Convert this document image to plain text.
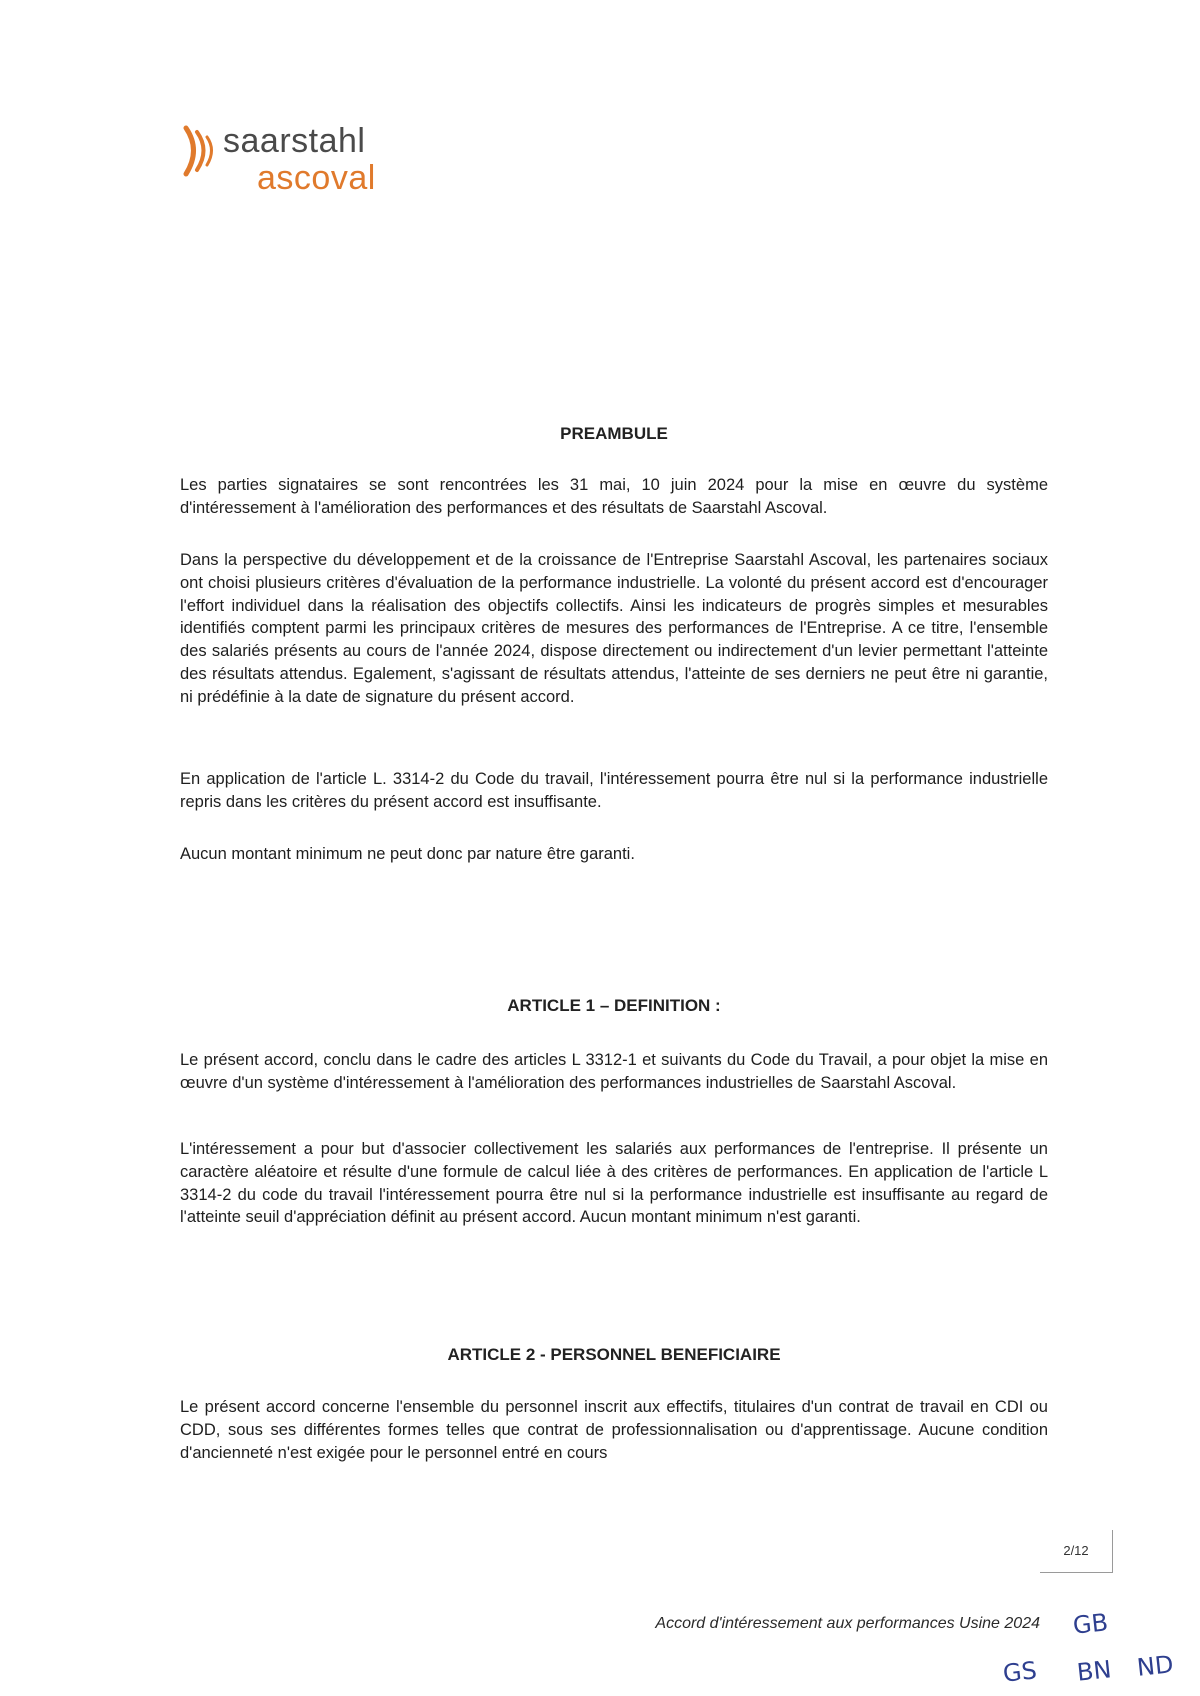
saarstahl
ascoval
PREAMBULE
Les parties signataires se sont rencontrées les 31 mai, 10 juin 2024 pour la mise en œuvre du système d'intéressement à l'amélioration des performances et des résultats de Saarstahl Ascoval.
Dans la perspective du développement et de la croissance de l'Entreprise Saarstahl Ascoval, les partenaires sociaux ont choisi plusieurs critères d'évaluation de la performance industrielle. La volonté du présent accord est d'encourager l'effort individuel dans la réalisation des objectifs collectifs. Ainsi les indicateurs de progrès simples et mesurables identifiés comptent parmi les principaux critères de mesures des performances de l'Entreprise. A ce titre, l'ensemble des salariés présents au cours de l'année 2024, dispose directement ou indirectement d'un levier permettant l'atteinte des résultats attendus. Egalement, s'agissant de résultats attendus, l'atteinte de ses derniers ne peut être ni garantie, ni prédéfinie à la date de signature du présent accord.
En application de l'article L. 3314-2 du Code du travail, l'intéressement pourra être nul si la performance industrielle repris dans les critères du présent accord est insuffisante.
Aucun montant minimum ne peut donc par nature être garanti.
ARTICLE 1 – DEFINITION :
Le présent accord, conclu dans le cadre des articles L 3312-1 et suivants du Code du Travail, a pour objet la mise en œuvre d'un système d'intéressement à l'amélioration des performances industrielles de Saarstahl Ascoval.
L'intéressement a pour but d'associer collectivement les salariés aux performances de l'entreprise. Il présente un caractère aléatoire et résulte d'une formule de calcul liée à des critères de performances. En application de l'article L 3314-2 du code du travail l'intéressement pourra être nul si la performance industrielle est insuffisante au regard de l'atteinte seuil d'appréciation définit au présent accord. Aucun montant minimum n'est garanti.
ARTICLE 2 - PERSONNEL BENEFICIAIRE
Le présent accord concerne l'ensemble du personnel inscrit aux effectifs, titulaires d'un contrat de travail en CDI ou CDD, sous ses différentes formes telles que contrat de professionnalisation ou d'apprentissage. Aucune condition d'ancienneté n'est exigée pour le personnel entré en cours
2/12
Accord d'intéressement aux performances Usine 2024 GB
GS BN ND
